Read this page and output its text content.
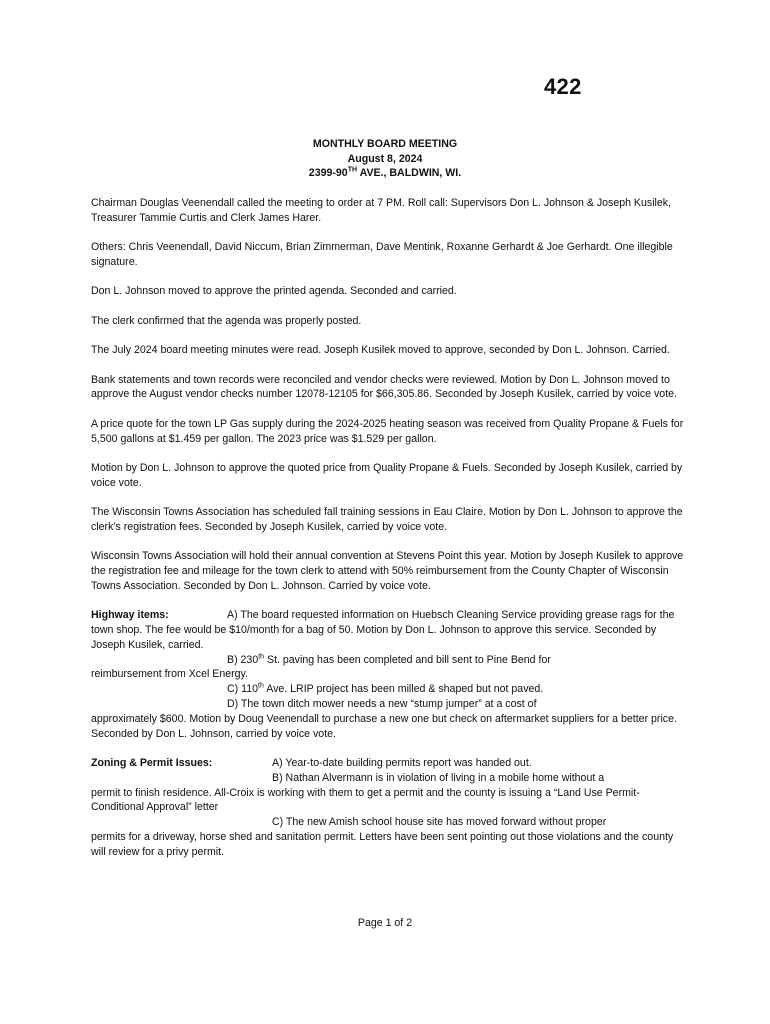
422
MONTHLY BOARD MEETING
August 8, 2024
2399-90TH AVE., BALDWIN, WI.

Chairman Douglas Veenendall called the meeting to order at 7 PM. Roll call: Supervisors Don L. Johnson & Joseph Kusilek, Treasurer Tammie Curtis and Clerk James Harer.

Others: Chris Veenendall, David Niccum, Brian Zimmerman, Dave Mentink, Roxanne Gerhardt & Joe Gerhardt. One illegible signature.

Don L. Johnson moved to approve the printed agenda. Seconded and carried.

The clerk confirmed that the agenda was properly posted.

The July 2024 board meeting minutes were read. Joseph Kusilek moved to approve, seconded by Don L. Johnson. Carried.

Bank statements and town records were reconciled and vendor checks were reviewed. Motion by Don L. Johnson moved to approve the August vendor checks number 12078-12105 for $66,305.86. Seconded by Joseph Kusilek, carried by voice vote.

A price quote for the town LP Gas supply during the 2024-2025 heating season was received from Quality Propane & Fuels for 5,500 gallons at $1.459 per gallon. The 2023 price was $1.529 per gallon.

Motion by Don L. Johnson to approve the quoted price from Quality Propane & Fuels. Seconded by Joseph Kusilek, carried by voice vote.

The Wisconsin Towns Association has scheduled fall training sessions in Eau Claire. Motion by Don L. Johnson to approve the clerk’s registration fees. Seconded by Joseph Kusilek, carried by voice vote.

Wisconsin Towns Association will hold their annual convention at Stevens Point this year. Motion by Joseph Kusilek to approve the registration fee and mileage for the town clerk to attend with 50% reimbursement from the County Chapter of Wisconsin Towns Association. Seconded by Don L. Johnson. Carried by voice vote.

Highway items:	A) The board requested information on Huebsch Cleaning Service providing grease rags for the town shop. The fee would be $10/month for a bag of 50. Motion by Don L. Johnson to approve this service. Seconded by Joseph Kusilek, carried.

B) 230th St. paving has been completed and bill sent to Pine Bend for
reimbursement from Xcel Energy.

C) 110th Ave. LRIP project has been milled & shaped but not paved.

D) The town ditch mower needs a new “stump jumper” at a cost of
approximately $600. Motion by Doug Veenendall to purchase a new one but check on aftermarket suppliers for a better price. Seconded by Don L. Johnson, carried by voice vote.

Zoning & Permit Issues:	A) Year-to-date building permits report was handed out.

B) Nathan Alvermann is in violation of living in a mobile home without a
permit to finish residence. All-Croix is working with them to get a permit and the county is issuing a “Land Use Permit-Conditional Approval” letter

C) The new Amish school house site has moved forward without proper
permits for a driveway, horse shed and sanitation permit. Letters have been sent pointing out those violations and the county will review for a privy permit.

Page 1 of 2
